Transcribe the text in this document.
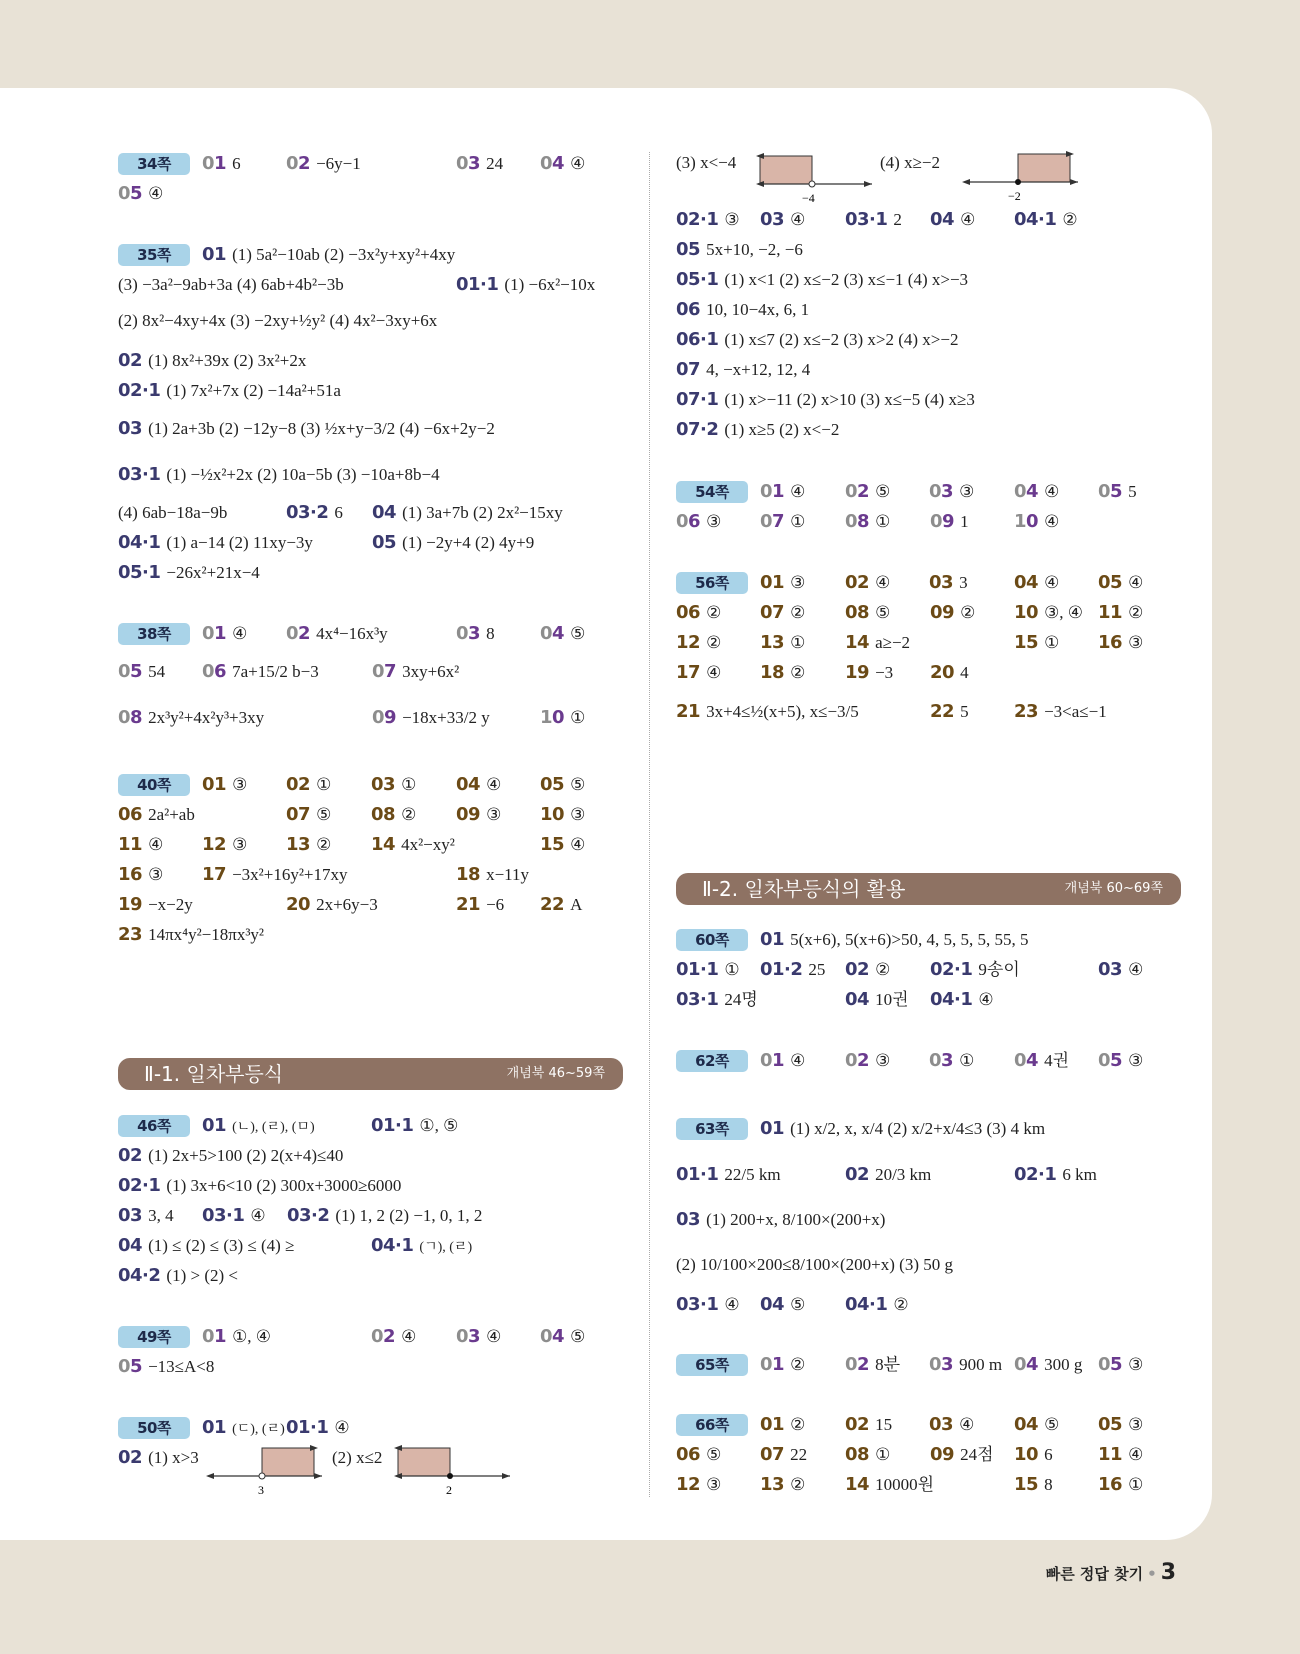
34쪽	01 6	02 −6y−1	03 24 04 ④
05 ④
35쪽	01 (1) 5a²−10ab (2) −3x²y+xy²+4xy
(3) −3a²−9ab+3a (4) 6ab+4b²−3b	01·1 (1) −6x²−10x
(2) 8x²−4xy+4x (3) −2xy+½y² (4) 4x²−3xy+6x
02 (1) 8x²+39x (2) 3x²+2x
02·1 (1) 7x²+7x (2) −14a²+51a
03 (1) 2a+3b (2) −12y−8 (3) ½x+y−3/2 (4) −6x+2y−2
03·1 (1) −½x²+2x (2) 10a−5b (3) −10a+8b−4
(4) 6ab−18a−9b	03·2 6 04 (1) 3a+7b (2) 2x²−15xy
04·1 (1) a−14 (2) 11xy−3y	05 (1) −2y+4 (2) 4y+9
05·1 −26x²+21x−4
38쪽	01 ④ 02 4x⁴−16x³y	03 8	04 ⑤
05 54 06 7a+15/2 b−3	07 3xy+6x²
08 2x³y²+4x²y³+3xy	09 −18x+33/2 y	10 ①
40쪽	01 ③ 02 ① 03 ① 04 ④ 05 ⑤
06 2a²+ab	07 ⑤ 08 ② 09 ③ 10 ③
11 ④ 12 ③ 13 ② 14 4x²−xy²	15 ④
16 ③ 17 −3x²+16y²+17xy	18 x−11y
19 −x−2y	20 2x+6y−3	21 −6 22 A
23 14πx⁴y²−18πx³y²
Ⅱ-1. 일차부등식	개념북 46~59쪽
46쪽	01 (ㄴ), (ㄹ), (ㅁ)	01·1 ①, ⑤
02 (1) 2x+5>100 (2) 2(x+4)≤40
02·1 (1) 3x+6<10 (2) 300x+3000≥6000
03 3, 4 03·1 ④ 03·2 (1) 1, 2 (2) −1, 0, 1, 2
04 (1) ≤ (2) ≤ (3) ≤ (4) ≥	04·1 (ㄱ), (ㄹ)
04·2 (1) > (2) <
49쪽	01 ①, ④	02 ④ 03 ④ 04 ⑤
05 −13≤A<8
50쪽	01 (ㄷ), (ㄹ) 01·1 ④
02 (1) x>3	(2) x≤2
3	2
(3) x<−4	(4) x≥−2
−4	−2
02·1 ③ 03 ④ 03·1 2 04 ④ 04·1 ②
05 5x+10, −2, −6
05·1 (1) x<1 (2) x≤−2 (3) x≤−1 (4) x>−3
06 10, 10−4x, 6, 1
06·1 (1) x≤7 (2) x≤−2 (3) x>2 (4) x>−2
07 4, −x+12, 12, 4
07·1 (1) x>−11 (2) x>10 (3) x≤−5 (4) x≥3
07·2 (1) x≥5 (2) x<−2
54쪽	01 ④ 02 ⑤ 03 ③ 04 ④ 05 5
06 ③ 07 ① 08 ① 09 1	10 ④
56쪽	01 ③ 02 ④ 03 3	04 ④ 05 ④
06 ② 07 ② 08 ⑤ 09 ② 10 ③, ④ 11 ②
12 ② 13 ① 14 a≥−2	15 ① 16 ③
17 ④ 18 ② 19 −3 20 4
21 3x+4≤½(x+5), x≤−3/5	22 5	23 −3<a≤−1
Ⅱ-2. 일차부등식의 활용	개념북 60~69쪽
60쪽	01 5(x+6), 5(x+6)>50, 4, 5, 5, 5, 55, 5
01·1 ① 01·2 25 02 ② 02·1 9송이	03 ④
03·1 24명	04 10권 04·1 ④
62쪽	01 ④ 02 ③ 03 ① 04 4권 05 ③
63쪽	01 (1) x/2, x, x/4 (2) x/2+x/4≤3 (3) 4 km
01·1 22/5 km	02 20/3 km	02·1 6 km
03 (1) 200+x, 8/100×(200+x)
(2) 10/100×200≤8/100×(200+x) (3) 50 g
03·1 ④ 04 ⑤ 04·1 ②
65쪽	01 ② 02 8분 03 900 m 04 300 g 05 ③
66쪽	01 ② 02 15 03 ④ 04 ⑤ 05 ③
06 ⑤ 07 22 08 ① 09 24점 10 6	11 ④
12 ③ 13 ② 14 10000원	15 8	16 ①
빠른 정답 찾기 • 3
